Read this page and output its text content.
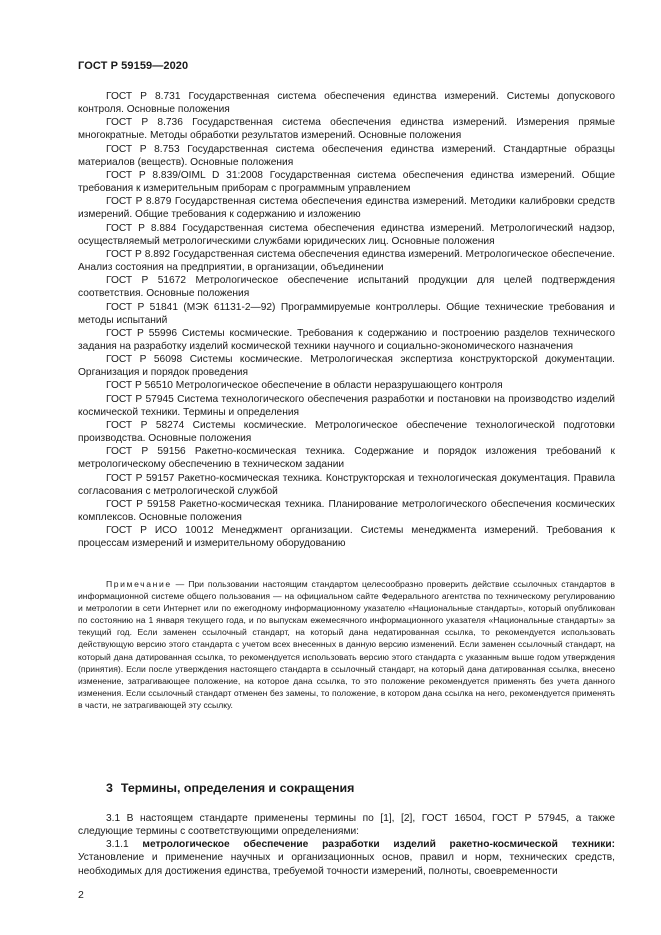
ГОСТ Р 59159—2020

ГОСТ Р 8.731 Государственная система обеспечения единства измерений. Системы допускового контроля. Основные положения

ГОСТ Р 8.736 Государственная система обеспечения единства измерений. Измерения прямые многократные. Методы обработки результатов измерений. Основные положения

ГОСТ Р 8.753 Государственная система обеспечения единства измерений. Стандартные образцы материалов (веществ). Основные положения

ГОСТ Р 8.839/OIML D 31:2008 Государственная система обеспечения единства измерений. Общие требования к измерительным приборам с программным управлением

ГОСТ Р 8.879 Государственная система обеспечения единства измерений. Методики калибровки средств измерений. Общие требования к содержанию и изложению

ГОСТ Р 8.884 Государственная система обеспечения единства измерений. Метрологический надзор, осуществляемый метрологическими службами юридических лиц. Основные положения

ГОСТ Р 8.892 Государственная система обеспечения единства измерений. Метрологическое обеспечение. Анализ состояния на предприятии, в организации, объединении

ГОСТ Р 51672 Метрологическое обеспечение испытаний продукции для целей подтверждения соответствия. Основные положения

ГОСТ Р 51841 (МЭК 61131-2—92) Программируемые контроллеры. Общие технические требования и методы испытаний

ГОСТ Р 55996 Системы космические. Требования к содержанию и построению разделов технического задания на разработку изделий космической техники научного и социально-экономического назначения

ГОСТ Р 56098 Системы космические. Метрологическая экспертиза конструкторской документации. Организация и порядок проведения

ГОСТ Р 56510 Метрологическое обеспечение в области неразрушающего контроля

ГОСТ Р 57945 Система технологического обеспечения разработки и постановки на производство изделий космической техники. Термины и определения

ГОСТ Р 58274 Системы космические. Метрологическое обеспечение технологической подготовки производства. Основные положения

ГОСТ Р 59156 Ракетно-космическая техника. Содержание и порядок изложения требований к метрологическому обеспечению в техническом задании

ГОСТ Р 59157 Ракетно-космическая техника. Конструкторская и технологическая документация. Правила согласования с метрологической службой

ГОСТ Р 59158 Ракетно-космическая техника. Планирование метрологического обеспечения космических комплексов. Основные положения

ГОСТ Р ИСО 10012 Менеджмент организации. Системы менеджмента измерений. Требования к процессам измерений и измерительному оборудованию

Примечание — При пользовании настоящим стандартом целесообразно проверить действие ссылочных стандартов в информационной системе общего пользования — на официальном сайте Федерального агентства по техническому регулированию и метрологии в сети Интернет или по ежегодному информационному указателю «Национальные стандарты», который опубликован по состоянию на 1 января текущего года, и по выпускам ежемесячного информационного указателя «Национальные стандарты» за текущий год. Если заменен ссылочный стандарт, на который дана недатированная ссылка, то рекомендуется использовать действующую версию этого стандарта с учетом всех внесенных в данную версию изменений. Если заменен ссылочный стандарт, на который дана датированная ссылка, то рекомендуется использовать версию этого стандарта с указанным выше годом утверждения (принятия). Если после утверждения настоящего стандарта в ссылочный стандарт, на который дана датированная ссылка, внесено изменение, затрагивающее положение, на которое дана ссылка, то это положение рекомендуется применять без учета данного изменения. Если ссылочный стандарт отменен без замены, то положение, в котором дана ссылка на него, рекомендуется применять в части, не затрагивающей эту ссылку.

3 Термины, определения и сокращения

3.1 В настоящем стандарте применены термины по [1], [2], ГОСТ 16504, ГОСТ Р 57945, а также следующие термины с соответствующими определениями:

3.1.1 метрологическое обеспечение разработки изделий ракетно-космической техники: Установление и применение научных и организационных основ, правил и норм, технических средств, необходимых для достижения единства, требуемой точности измерений, полноты, своевременности

2
